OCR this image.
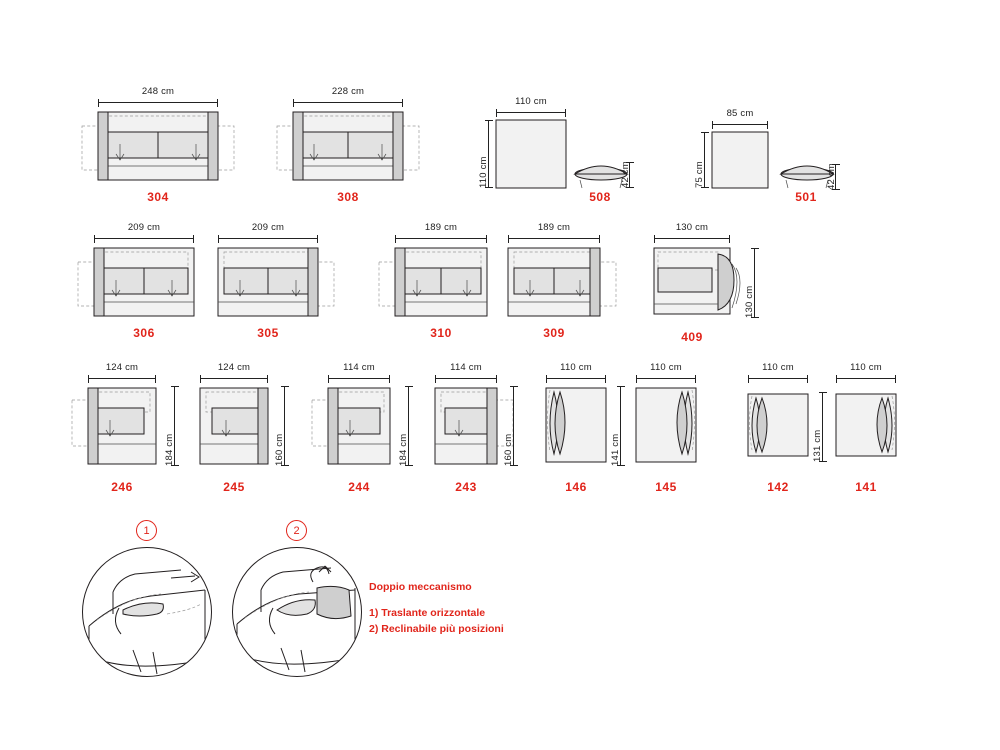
248 cm
304
228 cm
308
110 cm
110 cm	42 cm
508
85 cm
75 cm	42 cm
501
209 cm
306
209 cm
305
189 cm
310
189 cm
309
130 cm
130 cm
409
124 cm
184 cm
246
124 cm
160 cm
245
114 cm
184 cm
244
114 cm
160 cm
243
110 cm
141 cm
146
110 cm
145
110 cm
131 cm
142
110 cm
141
1	2
Doppio meccanismo
1) Traslante orizzontale
2) Reclinabile più posizioni
